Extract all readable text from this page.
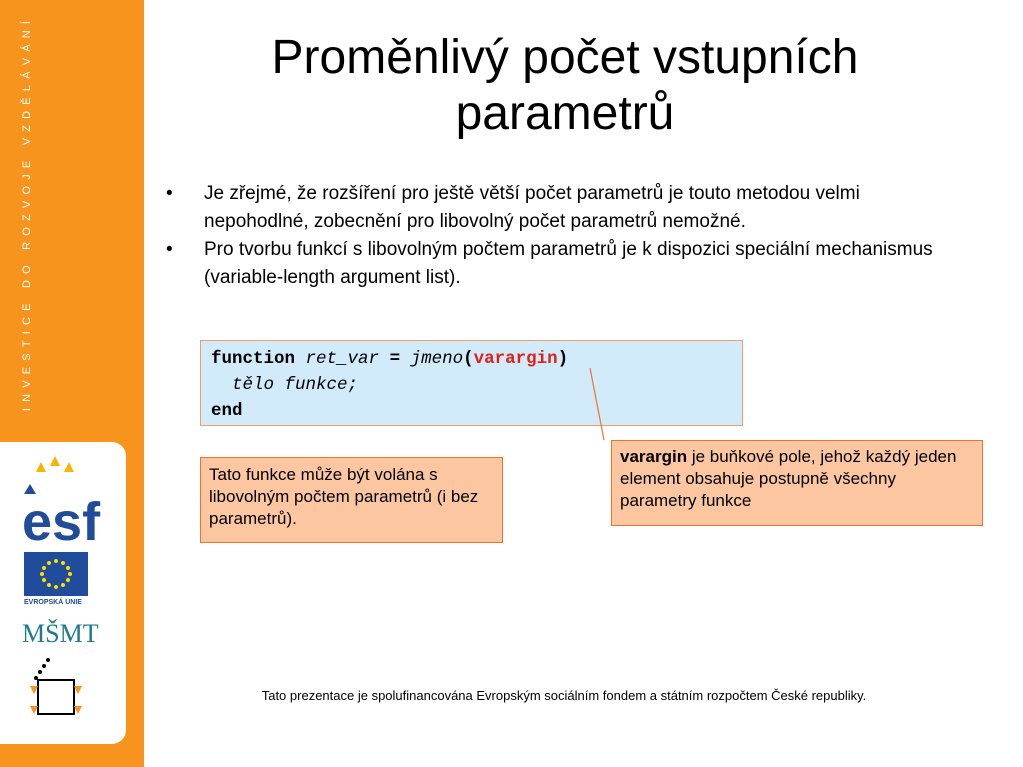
INVESTICE DO ROZVOJE VZDĚLÁVÁNÍ
esf
EVROPSKÁ UNIE
MŠMT
Proměnlivý počet vstupních
parametrů
• Je zřejmé, že rozšíření pro ještě větší počet parametrů je touto metodou velmi nepohodlné, zobecnění pro libovolný počet parametrů nemožné.
• Pro tvorbu funkcí s libovolným počtem parametrů je k dispozici speciální mechanismus (variable-length argument list).
function ret_var = jmeno(varargin)
tělo funkce;
end
Tato funkce může být volána s libovolným počtem parametrů (i bez parametrů).
varargin je buňkové pole, jehož každý jeden element obsahuje postupně všechny parametry funkce
Tato prezentace je spolufinancována Evropským sociálním fondem a státním rozpočtem České republiky.
